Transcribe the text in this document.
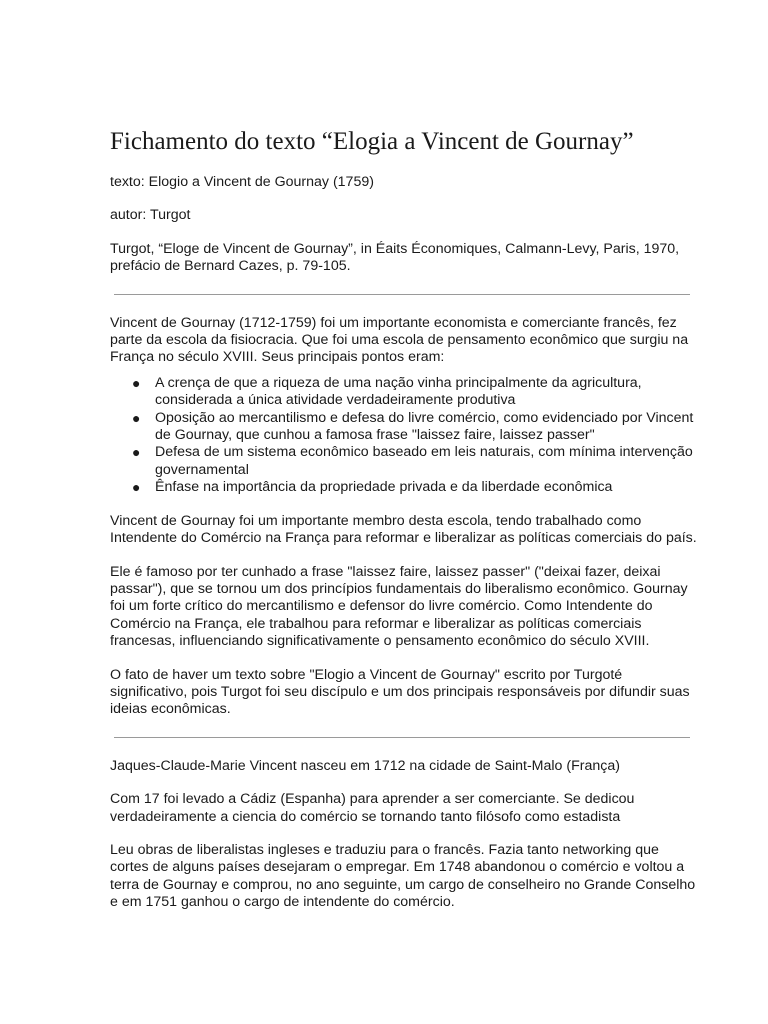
Fichamento do texto “Elogia a Vincent de Gournay”

texto: Elogio a Vincent de Gournay (1759)

autor: Turgot

Turgot, “Eloge de Vincent de Gournay”, in Éaits Économiques, Calmann-Levy, Paris, 1970, prefácio de Bernard Cazes, p. 79-105.

Vincent de Gournay (1712-1759) foi um importante economista e comerciante francês, fez parte da escola da fisiocracia. Que foi uma escola de pensamento econômico que surgiu na França no século XVIII. Seus principais pontos eram:

● A crença de que a riqueza de uma nação vinha principalmente da agricultura, considerada a única atividade verdadeiramente produtiva
● Oposição ao mercantilismo e defesa do livre comércio, como evidenciado por Vincent de Gournay, que cunhou a famosa frase "laissez faire, laissez passer"
● Defesa de um sistema econômico baseado em leis naturais, com mínima intervenção governamental
● Ênfase na importância da propriedade privada e da liberdade econômica

Vincent de Gournay foi um importante membro desta escola, tendo trabalhado como Intendente do Comércio na França para reformar e liberalizar as políticas comerciais do país.

Ele é famoso por ter cunhado a frase "laissez faire, laissez passer" ("deixai fazer, deixai passar"), que se tornou um dos princípios fundamentais do liberalismo econômico. Gournay foi um forte crítico do mercantilismo e defensor do livre comércio. Como Intendente do Comércio na França, ele trabalhou para reformar e liberalizar as políticas comerciais francesas, influenciando significativamente o pensamento econômico do século XVIII.

O fato de haver um texto sobre "Elogio a Vincent de Gournay" escrito por Turgoté significativo, pois Turgot foi seu discípulo e um dos principais responsáveis por difundir suas ideias econômicas.

Jaques-Claude-Marie Vincent nasceu em 1712 na cidade de Saint-Malo (França)

Com 17 foi levado a Cádiz (Espanha) para aprender a ser comerciante. Se dedicou verdadeiramente a ciencia do comércio se tornando tanto filósofo como estadista

Leu obras de liberalistas ingleses e traduziu para o francês. Fazia tanto networking que cortes de alguns países desejaram o empregar. Em 1748 abandonou o comércio e voltou a terra de Gournay e comprou, no ano seguinte, um cargo de conselheiro no Grande Conselho e em 1751 ganhou o cargo de intendente do comércio.
